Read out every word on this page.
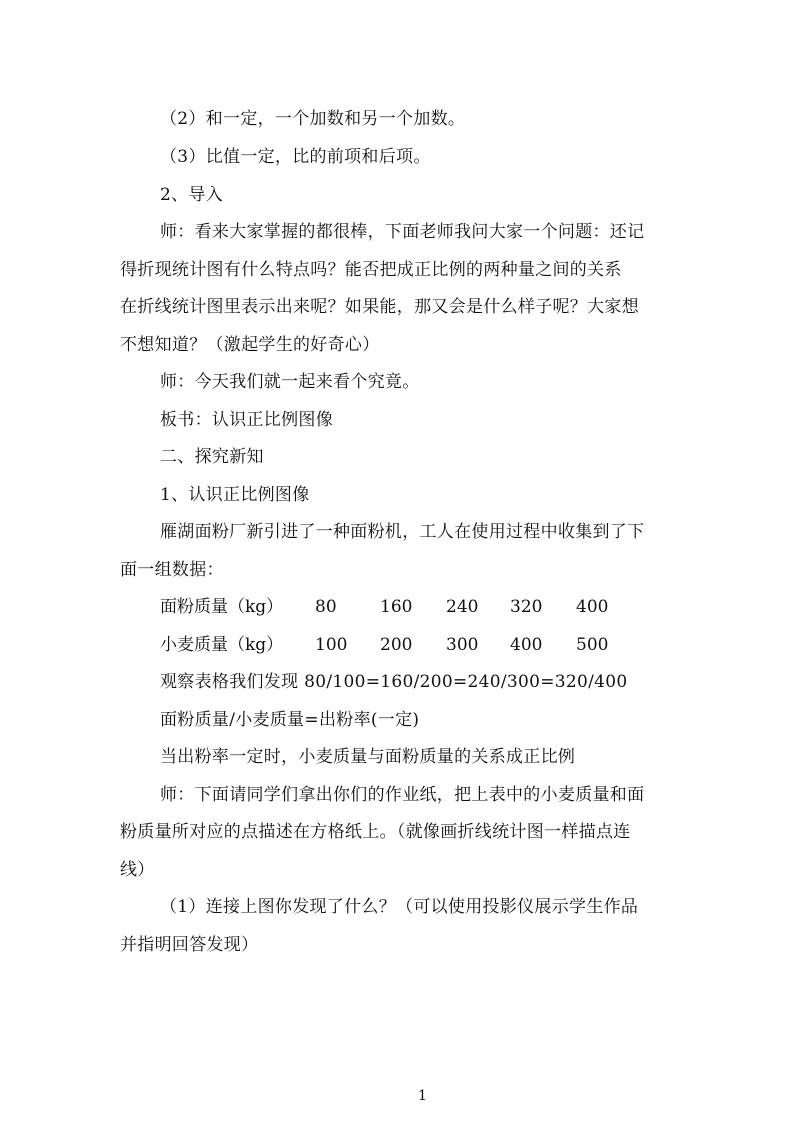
（2）和一定，一个加数和另一个加数。
（3）比值一定，比的前项和后项。
2、导入
师：看来大家掌握的都很棒，下面老师我问大家一个问题：还记
得折现统计图有什么特点吗？能否把成正比例的两种量之间的关系
在折线统计图里表示出来呢？如果能，那又会是什么样子呢？大家想
不想知道？（激起学生的好奇心）
师：今天我们就一起来看个究竟。
板书：认识正比例图像
二、探究新知
1、认识正比例图像
雁湖面粉厂新引进了一种面粉机，工人在使用过程中收集到了下
面一组数据：
面粉质量（kg） 80	160 240 320 400
小麦质量（kg） 100 200 300 400 500
观察表格我们发现 80/100=160/200=240/300=320/400
面粉质量/小麦质量=出粉率(一定)
当出粉率一定时，小麦质量与面粉质量的关系成正比例
师：下面请同学们拿出你们的作业纸，把上表中的小麦质量和面
粉质量所对应的点描述在方格纸上。（就像画折线统计图一样描点连
线）
（1）连接上图你发现了什么？（可以使用投影仪展示学生作品
并指明回答发现）
1
